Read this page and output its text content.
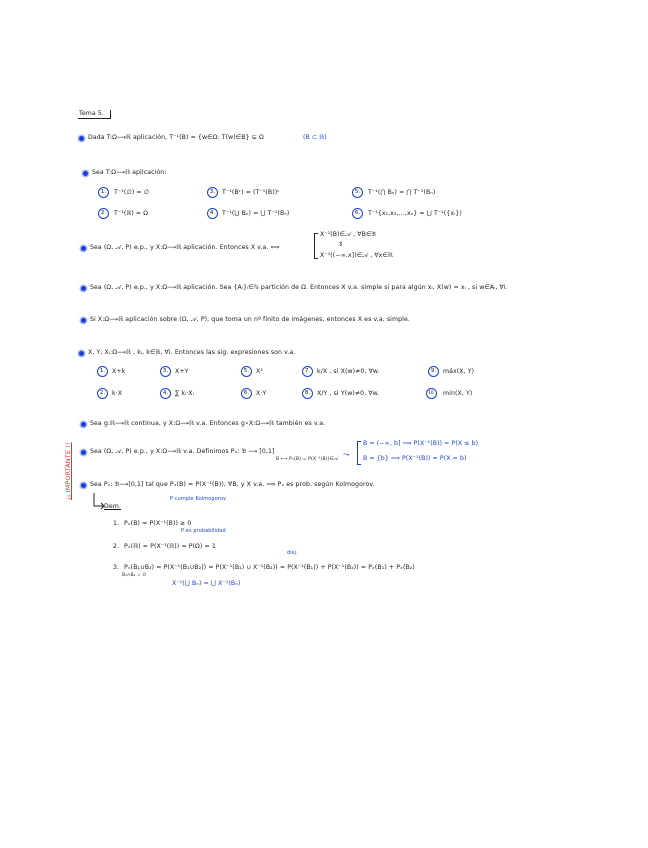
Tema 5.
¡¡ IMPORTANTE !!
Dada T:Ω⟶ℝ aplicación, T⁻¹(B) = {w∈Ω: T(w)∈B} ⊆ Ω	(B ⊂ ℝ)
Sea T:Ω⟶ℝ aplicación:
1.	T⁻¹(∅) = ∅	3.	T⁻¹(Bᶜ) = (T⁻¹(B))ᶜ	5.	T⁻¹(⋂ Bₙ) = ⋂ T⁻¹(Bₙ)
2.	T⁻¹(ℝ) = Ω	4.	T⁻¹(⋃ Bₙ) = ⋃ T⁻¹(Bₙ)	6.	T⁻¹{x₁,x₂,...,xₙ} = ⋃ T⁻¹({xᵢ})
Sea (Ω, 𝒜, P) e.p., y X:Ω⟶ℝ aplicación. Entonces X v.a. ⟺
X⁻¹(B)∈𝒜 , ∀B∈𝔅
⇕
X⁻¹((−∞,x])∈𝒜 , ∀x∈ℝ
Sea (Ω, 𝒜, P) e.p., y X:Ω⟶ℝ aplicación. Sea {Aᵢ}ᵢ∈ℕ partición de Ω. Entonces X v.a. simple si para algún xᵢ, X(w) = xᵢ , si w∈Aᵢ, ∀i.
Si X:Ω⟶ℝ aplicación sobre (Ω, 𝒜, P), que toma un nº finito de imágenes, entonces X es v.a. simple.
X, Y, Xᵢ:Ω⟶ℝ , kᵢ, k∈ℝ, ∀i. Entonces las sig. expresiones son v.a.
1.	X+k	3.	X+Y	5.	X²	7.	k/X , si X(w)≠0, ∀w.	9.	máx(X, Y)
2.	k·X	4.	∑ kᵢ·Xᵢ	6.	X·Y	8.	X/Y , si Y(w)≠0, ∀w.	10.	mín(X, Y)
Sea g:ℝ⟶ℝ continua, y X:Ω⟶ℝ v.a. Entonces g∘X:Ω⟶ℝ también es v.a.
Sea (Ω, 𝒜, P) e.p., y X:Ω⟶ℝ v.a. Definimos Pₓ: 𝔅 ⟶ [0,1]
B ⟼ Pₓ(B) = P(X⁻¹(B))∈𝒜
⤳
B = (−∞, b] ⟹ P(X⁻¹(B)) = P(X ≤ b)
B = {b} ⟹ P(X⁻¹(B)) = P(X = b)
Sea Pₓ: 𝔅⟶[0,1] tal que Pₓ(B) = P(X⁻¹(B)), ∀B, y X v.a. ⟹ Pₓ es prob. según Kolmogorov.
Dem.
P cumple Kolmogorov
1. Pₓ(B) = P(X⁻¹(B)) ≥ 0
P es probabilidad
2. Pₓ(ℝ) = P(X⁻¹(ℝ)) = P(Ω) = 1
disj.
3. Pₓ(B₁∪B₂) = P(X⁻¹(B₁∪B₂)) = P(X⁻¹(B₁) ∪ X⁻¹(B₂)) = P(X⁻¹(B₁)) + P(X⁻¹(B₂)) = Pₓ(B₁) + Pₓ(B₂)
B₁∩B₂ = ∅
X⁻¹(⋃ Bₙ) = ⋃ X⁻¹(Bₙ)
